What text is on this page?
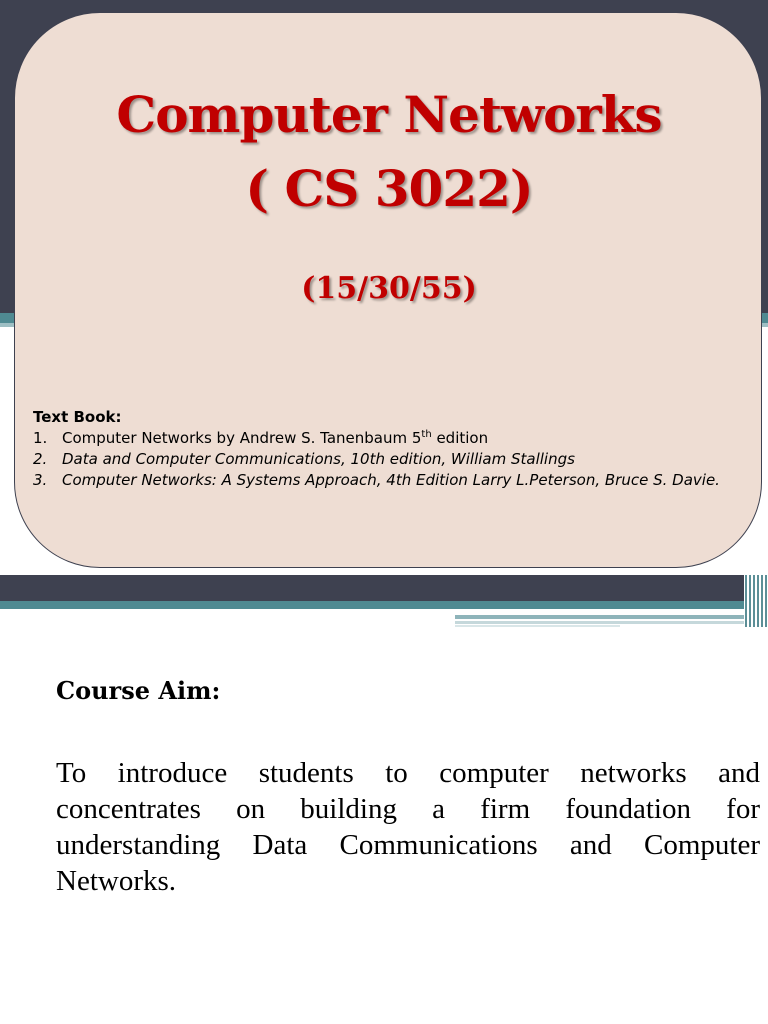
Computer Networks
( CS 3022)
(15/30/55)
Text Book:
1. Computer Networks by Andrew S. Tanenbaum 5th edition
2. Data and Computer Communications, 10th edition, William Stallings
3. Computer Networks: A Systems Approach, 4th Edition Larry L.Peterson, Bruce S. Davie.
Course Aim:

To introduce students to computer networks and concentrates on building a firm foundation for understanding Data Communications and Computer Networks.
